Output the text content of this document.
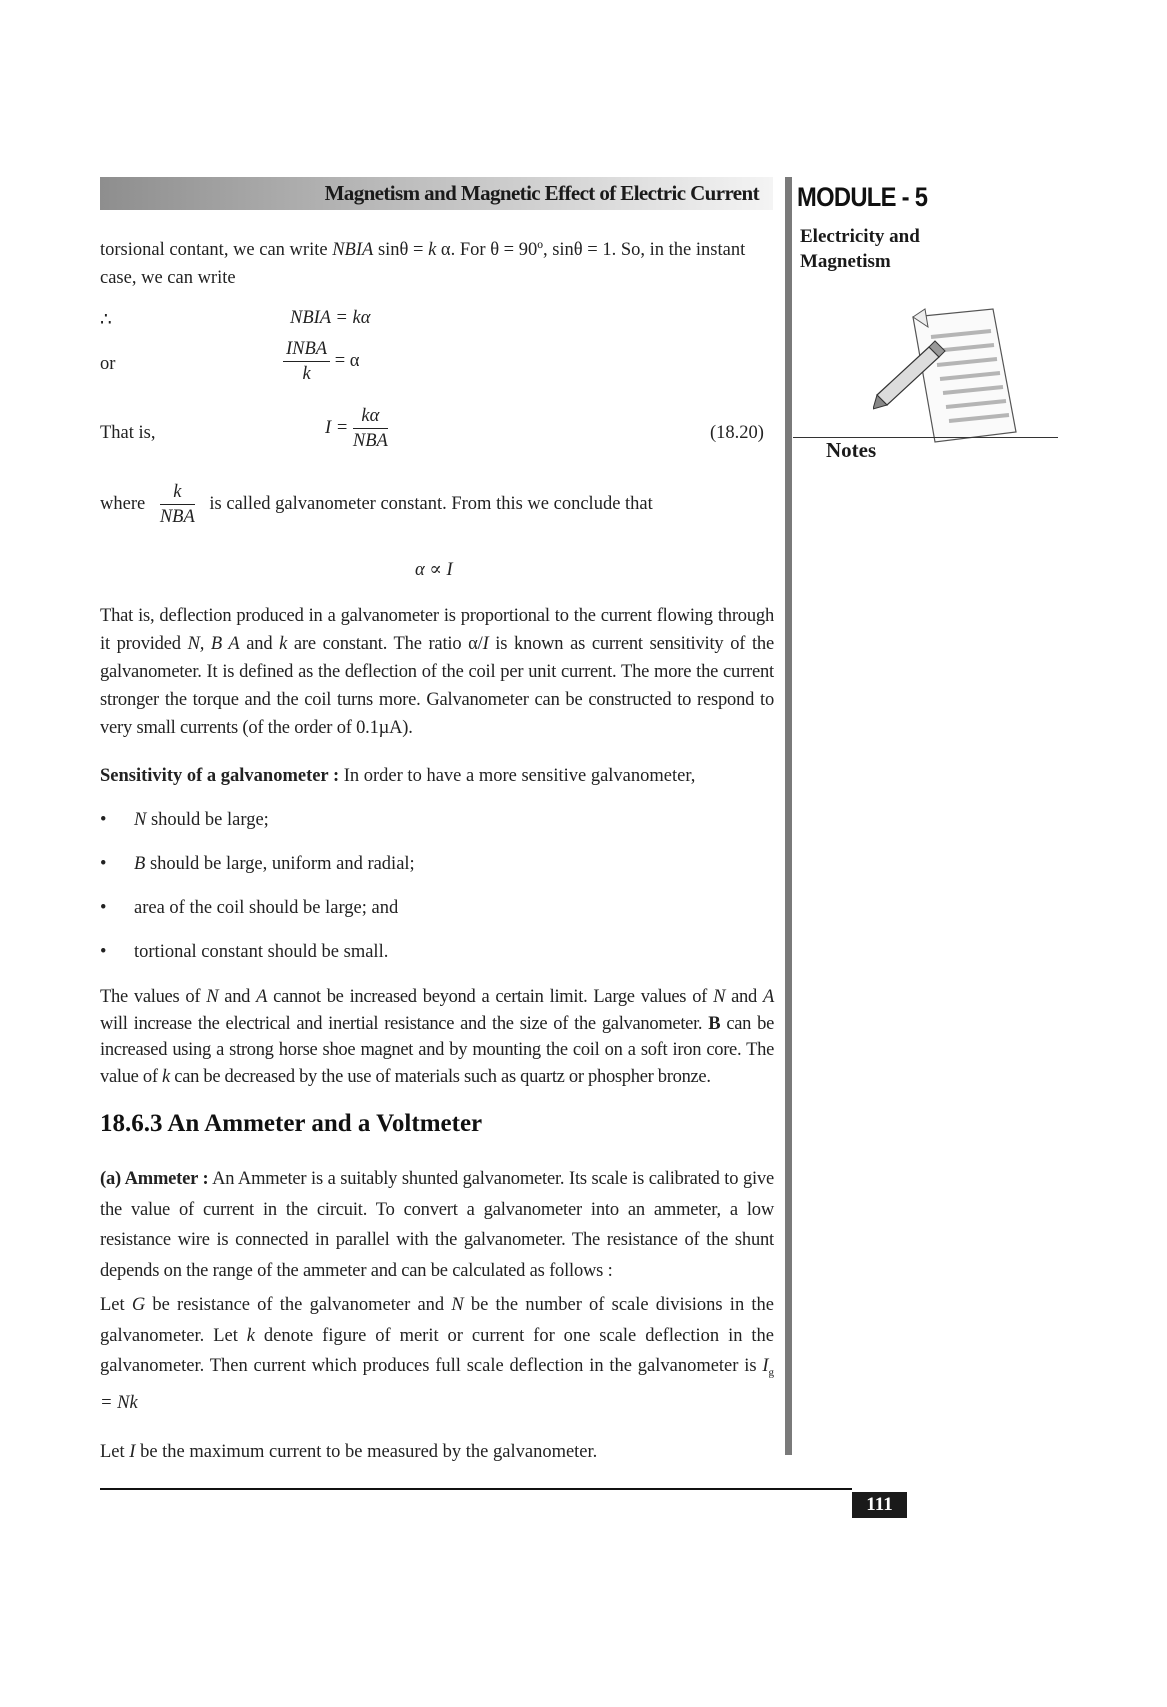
Magnetism and Magnetic Effect of Electric Current MODULE - 5
Electricity and
Magnetism
Notes
torsional contant, we can write NBIA sinθ = k α. For θ = 90º, sinθ = 1. So, in the instant
case, we can write
∴	NBIA = kα
or	$\frac{\text{INBA}}{k} = \alpha$
That is,	$I = \frac{k\alpha}{\text{NBA}}$	(18.20)
where $\frac{k}{\text{NBA}}$ is called galvanometer constant. From this we conclude that
α ∝ I
That is, deflection produced in a galvanometer is proportional to the current flowing through it provided N, B A and k are constant. The ratio α/I is known as current sensitivity of the galvanometer. It is defined as the deflection of the coil per unit current. The more the current stronger the torque and the coil turns more. Galvanometer can be constructed to respond to very small currents (of the order of 0.1µA).
Sensitivity of a galvanometer : In order to have a more sensitive galvanometer,
• N should be large;
• B should be large, uniform and radial;
• area of the coil should be large; and
• tortional constant should be small.
The values of N and A cannot be increased beyond a certain limit. Large values of N and A will increase the electrical and inertial resistance and the size of the galvanometer. B can be increased using a strong horse shoe magnet and by mounting the coil on a soft iron core. The value of k can be decreased by the use of materials such as quartz or phospher bronze.
18.6.3 An Ammeter and a Voltmeter
(a) Ammeter : An Ammeter is a suitably shunted galvanometer. Its scale is calibrated to give the value of current in the circuit. To convert a galvanometer into an ammeter, a low resistance wire is connected in parallel with the galvanometer. The resistance of the shunt depends on the range of the ammeter and can be calculated as follows :
Let G be resistance of the galvanometer and N be the number of scale divisions in the galvanometer. Let k denote figure of merit or current for one scale deflection in the galvanometer. Then current which produces full scale deflection in the galvanometer is $I_g = Nk$
Let I be the maximum current to be measured by the galvanometer.
111
